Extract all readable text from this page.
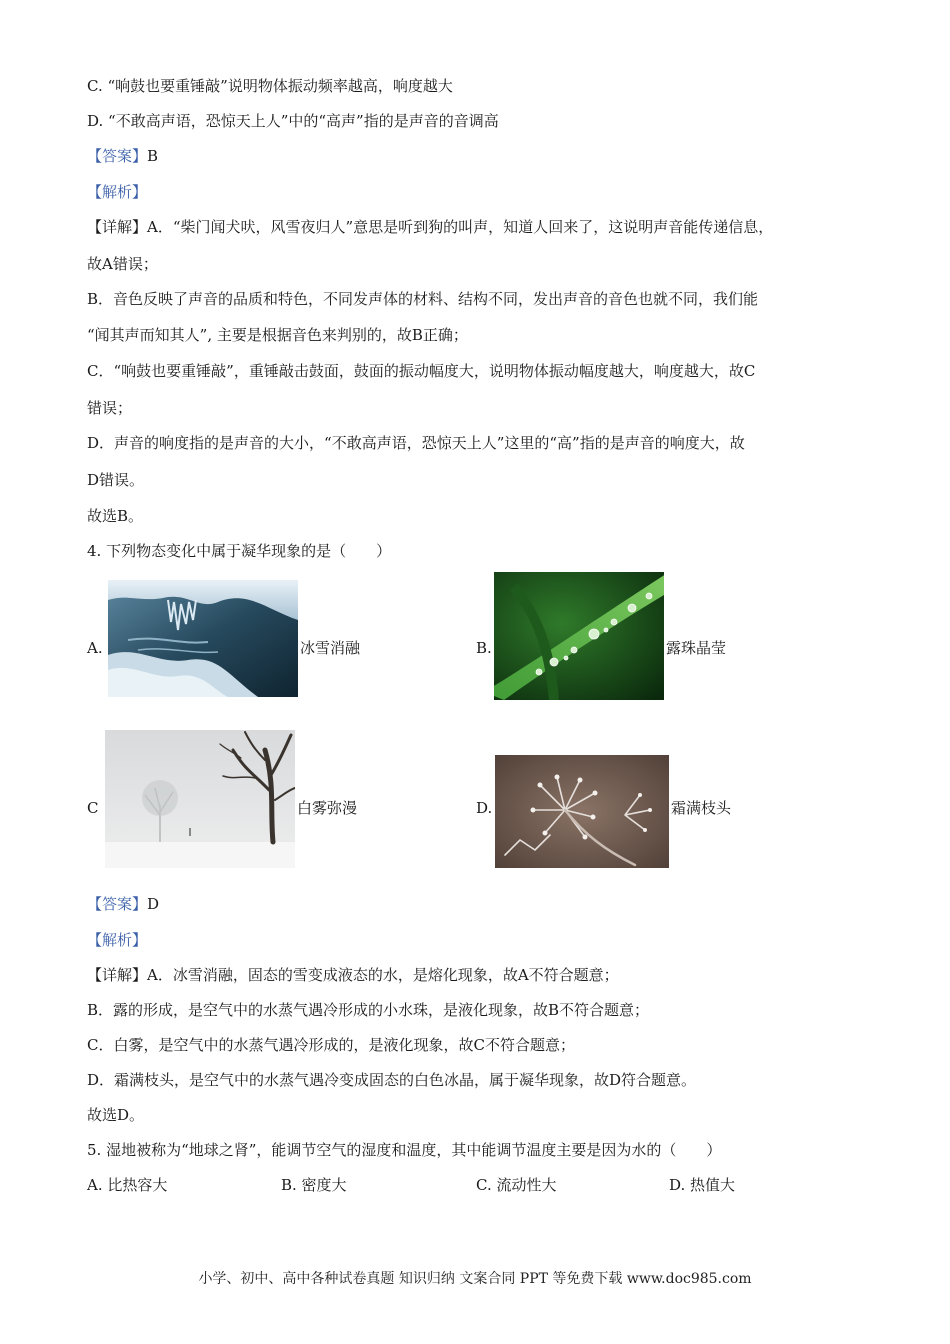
C. “响鼓也要重锤敲”说明物体振动频率越高，响度越大
D. “不敢高声语，恐惊天上人”中的“高声”指的是声音的音调高
【答案】B
【解析】
【详解】A．“柴门闻犬吠，风雪夜归人”意思是听到狗的叫声，知道人回来了，这说明声音能传递信息，
故A错误；
B．音色反映了声音的品质和特色，不同发声体的材料、结构不同，发出声音的音色也就不同，我们能
“闻其声而知其人”, 主要是根据音色来判别的，故B正确；
C．“响鼓也要重锤敲”，重锤敲击鼓面，鼓面的振动幅度大，说明物体振动幅度越大，响度越大，故C
错误；
D．声音的响度指的是声音的大小，“不敢高声语，恐惊天上人”这里的“高”指的是声音的响度大，故
D错误。
故选B。
4. 下列物态变化中属于凝华现象的是（　　）
A.	冰雪消融	B.	露珠晶莹
C	白雾弥漫	D.	霜满枝头
【答案】D
【解析】
【详解】A．冰雪消融，固态的雪变成液态的水，是熔化现象，故A不符合题意；
B．露的形成，是空气中的水蒸气遇冷形成的小水珠，是液化现象，故B不符合题意；
C．白雾，是空气中的水蒸气遇冷形成的，是液化现象，故C不符合题意；
D．霜满枝头，是空气中的水蒸气遇冷变成固态的白色冰晶，属于凝华现象，故D符合题意。
故选D。
5. 湿地被称为“地球之肾”，能调节空气的湿度和温度，其中能调节温度主要是因为水的（　　）
A. 比热容大	B. 密度大	C. 流动性大	D. 热值大
小学、初中、高中各种试卷真题 知识归纳 文案合同 PPT 等免费下载 www.doc985.com
